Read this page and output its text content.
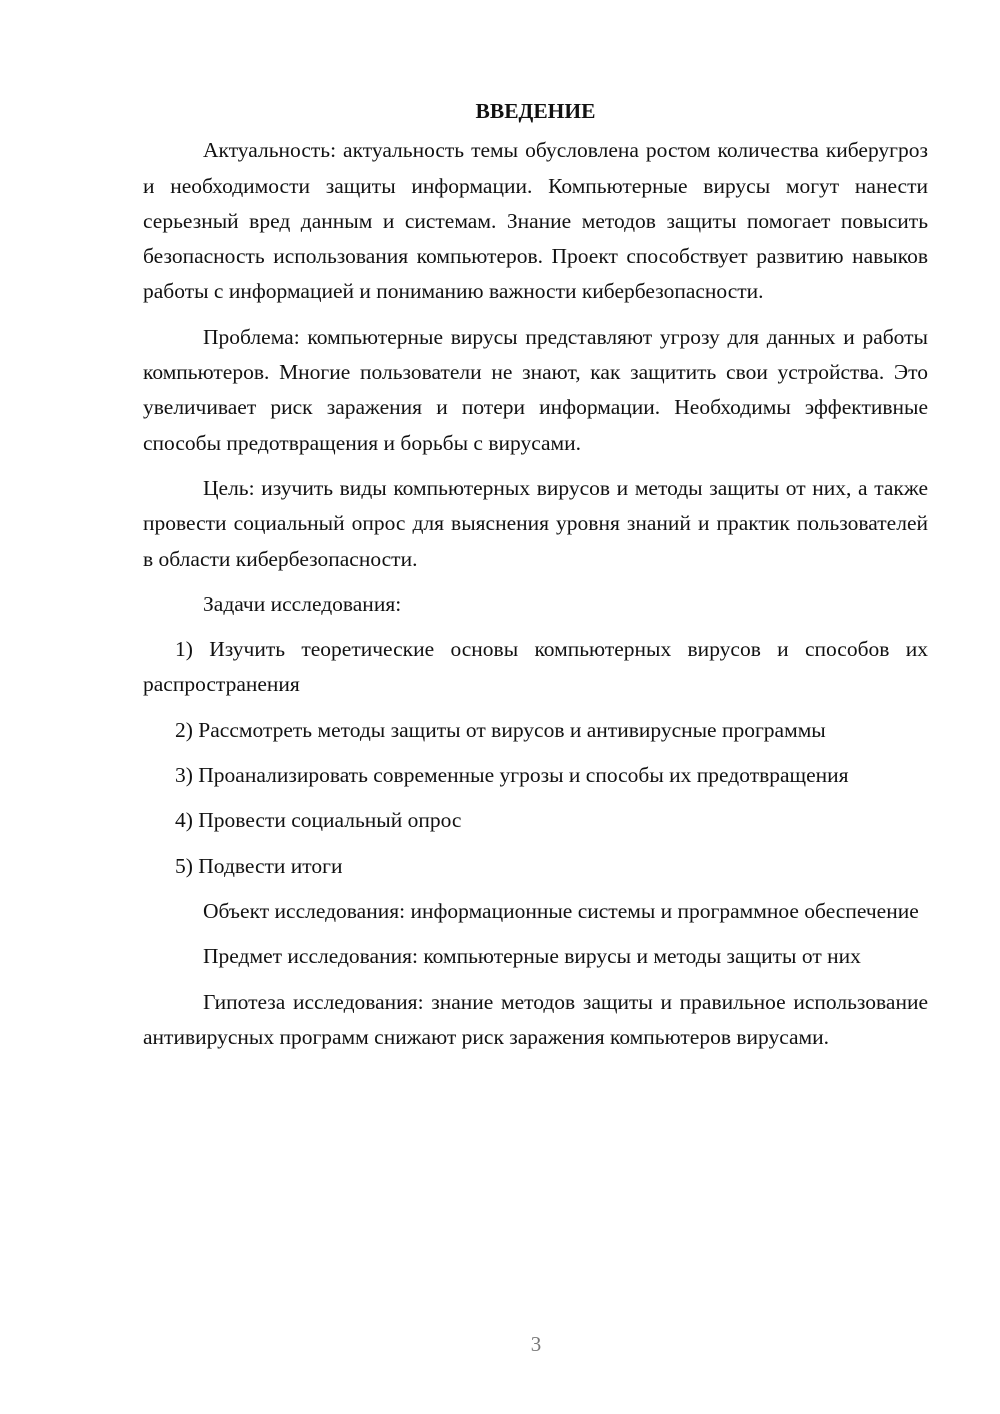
ВВЕДЕНИЕ

Актуальность: актуальность темы обусловлена ростом количества киберугроз и необходимости защиты информации. Компьютерные вирусы могут нанести серьезный вред данным и системам. Знание методов защиты помогает повысить безопасность использования компьютеров. Проект способствует развитию навыков работы с информацией и пониманию важности кибербезопасности.

Проблема: компьютерные вирусы представляют угрозу для данных и работы компьютеров. Многие пользователи не знают, как защитить свои устройства. Это увеличивает риск заражения и потери информации. Необходимы эффективные способы предотвращения и борьбы с вирусами.

Цель: изучить виды компьютерных вирусов и методы защиты от них, а также провести социальный опрос для выяснения уровня знаний и практик пользователей в области кибербезопасности.

Задачи исследования:

1) Изучить теоретические основы компьютерных вирусов и способов их распространения

2) Рассмотреть методы защиты от вирусов и антивирусные программы

3) Проанализировать современные угрозы и способы их предотвращения

4) Провести социальный опрос

5) Подвести итоги

Объект исследования: информационные системы и программное обеспечение

Предмет исследования: компьютерные вирусы и методы защиты от них

Гипотеза исследования: знание методов защиты и правильное использование антивирусных программ снижают риск заражения компьютеров вирусами.

3
